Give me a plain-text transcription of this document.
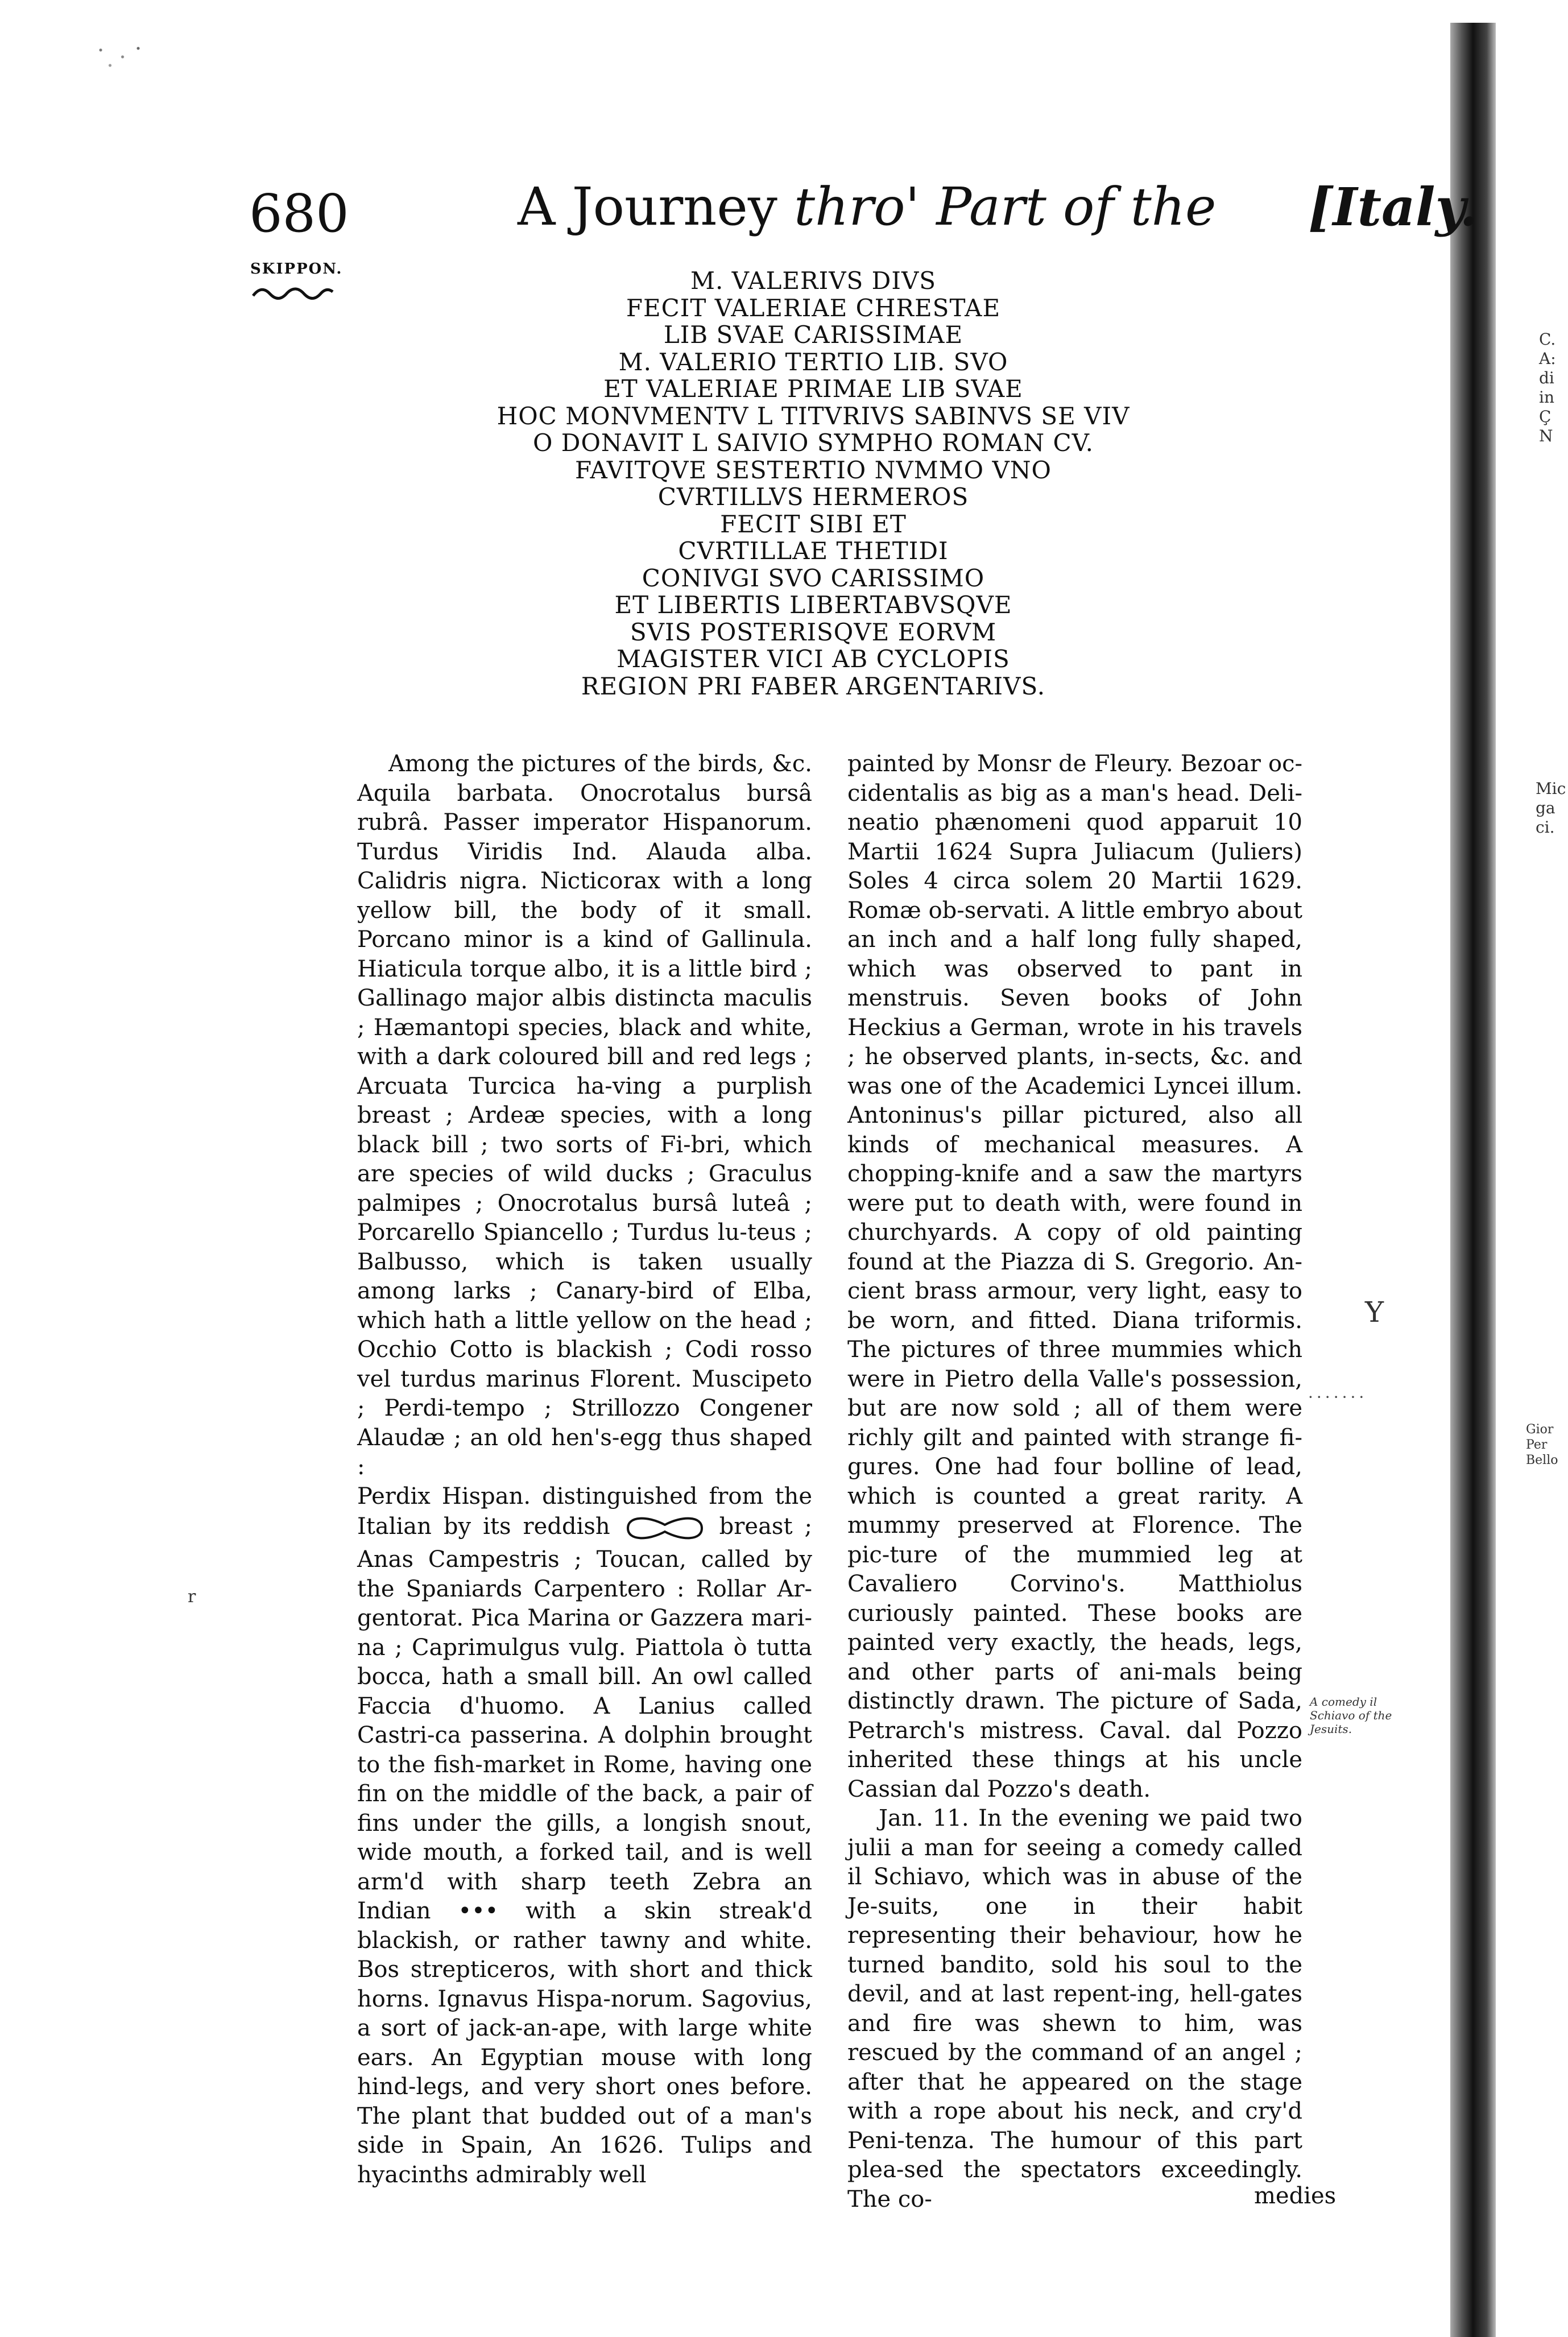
680	A Journey thro' Part of the [Italy.
SKIPPON.	M. VALERIVS DIVS
FECIT VALERIAE CHRESTAE
LIB SVAE CARISSIMAE
M. VALERIO TERTIO LIB. SVO
ET VALERIAE PRIMAE LIB SVAE
HOC MONVMENTV L TITVRIVS SABINVS SE VIV
O DONAVIT L SAIVIO SYMPHO ROMAN CV.
FAVITQVE SESTERTIO NVMMO VNO
CVRTILLVS HERMEROS
FECIT SIBI ET
CVRTILLAE THETIDI
CONIVGI SVO CARISSIMO
ET LIBERTIS LIBERTABVSQVE
SVIS POSTERISQVE EORVM
MAGISTER VICI AB CYCLOPIS
REGION PRI FABER ARGENTARIVS.

Among the pictures of the birds, &c. Aquila barbata. Onocrotalus bursâ rubrâ. Passer imperator Hispanorum. Turdus Viridis Ind. Alauda alba. Calidris nigra. Nicticorax with a long yellow bill, the body of it small. Porcano minor is a kind of Gallinula. Hiaticula torque albo, it is a little bird ; Gallinago major albis distincta maculis ; Hæmantopi species, black and white, with a dark coloured bill and red legs ; Arcuata Turcica ha-ving a purplish breast ; Ardeæ species, with a long black bill ; two sorts of Fi-bri, which are species of wild ducks ; Graculus palmipes ; Onocrotalus bursâ luteâ ; Porcarello Spiancello ; Turdus lu-teus ; Balbusso, which is taken usually among larks ; Canary-bird of Elba, which hath a little yellow on the head ; Occhio Cotto is blackish ; Codi rosso vel turdus marinus Florent. Muscipeto ; Perdi-tempo ; Strillozzo Congener Alaudæ ; an old hen's-egg thus shaped :
Perdix Hispan. distinguished from the Italian by its reddish	breast ; Anas Campestris ; Toucan, called by the Spaniards Carpentero : Rollar Ar-gentorat. Pica Marina or Gazzera mari-na ; Caprimulgus vulg. Piattola ò tutta bocca, hath a small bill. An owl called Faccia d'huomo. A Lanius called Castri-ca passerina. A dolphin brought to the fish-market in Rome, having one fin on the middle of the back, a pair of fins under the gills, a longish snout, wide mouth, a forked tail, and is well arm'd with sharp teeth Zebra an Indian ••• with a skin streak'd blackish, or rather tawny and white. Bos strepticeros, with short and thick horns. Ignavus Hispa-norum. Sagovius, a sort of jack-an-ape, with large white ears. An Egyptian mouse with long hind-legs, and very short ones before. The plant that budded out of a man's side in Spain, An 1626. Tulips and hyacinths admirably well

painted by Monsr de Fleury. Bezoar oc-cidentalis as big as a man's head. Deli-neatio phænomeni quod apparuit 10 Martii 1624 Supra Juliacum (Juliers) Soles 4 circa solem 20 Martii 1629. Romæ ob-servati. A little embryo about an inch and a half long fully shaped, which was observed to pant in menstruis. Seven books of John Heckius a German, wrote in his travels ; he observed plants, in-sects, &c. and was one of the Academici Lyncei illum. Antoninus's pillar pictured, also all kinds of mechanical measures. A chopping-knife and a saw the martyrs were put to death with, were found in churchyards. A copy of old painting found at the Piazza di S. Gregorio. An-cient brass armour, very light, easy to be worn, and fitted. Diana triformis. The pictures of three mummies which were in Pietro della Valle's possession, but are now sold ; all of them were richly gilt and painted with strange fi-gures. One had four bolline of lead, which is counted a great rarity. A mummy preserved at Florence. The pic-ture of the mummied leg at Cavaliero Corvino's. Matthiolus curiously painted. These books are painted very exactly, the heads, legs, and other parts of ani-mals being distinctly drawn. The picture of Sada, Petrarch's mistress. Caval. dal Pozzo inherited these things at his uncle Cassian dal Pozzo's death.

Jan. 11. In the evening we paid two julii a man for seeing a comedy called il Schiavo, which was in abuse of the Je-suits, one in their habit representing their behaviour, how he turned bandito, sold his soul to the devil, and at last repent-ing, hell-gates and fire was shewn to him, was rescued by the command of an angel ; after that he appeared on the stage with a rope about his neck, and cry'd Peni-tenza. The humour of this part plea-sed the spectators exceedingly. The co-	medies
A comedy il Schiavo of the Jesuits.
C. A: di in Ç N
Mic ga ci.
Gior Per Bello
Y
·······
r
